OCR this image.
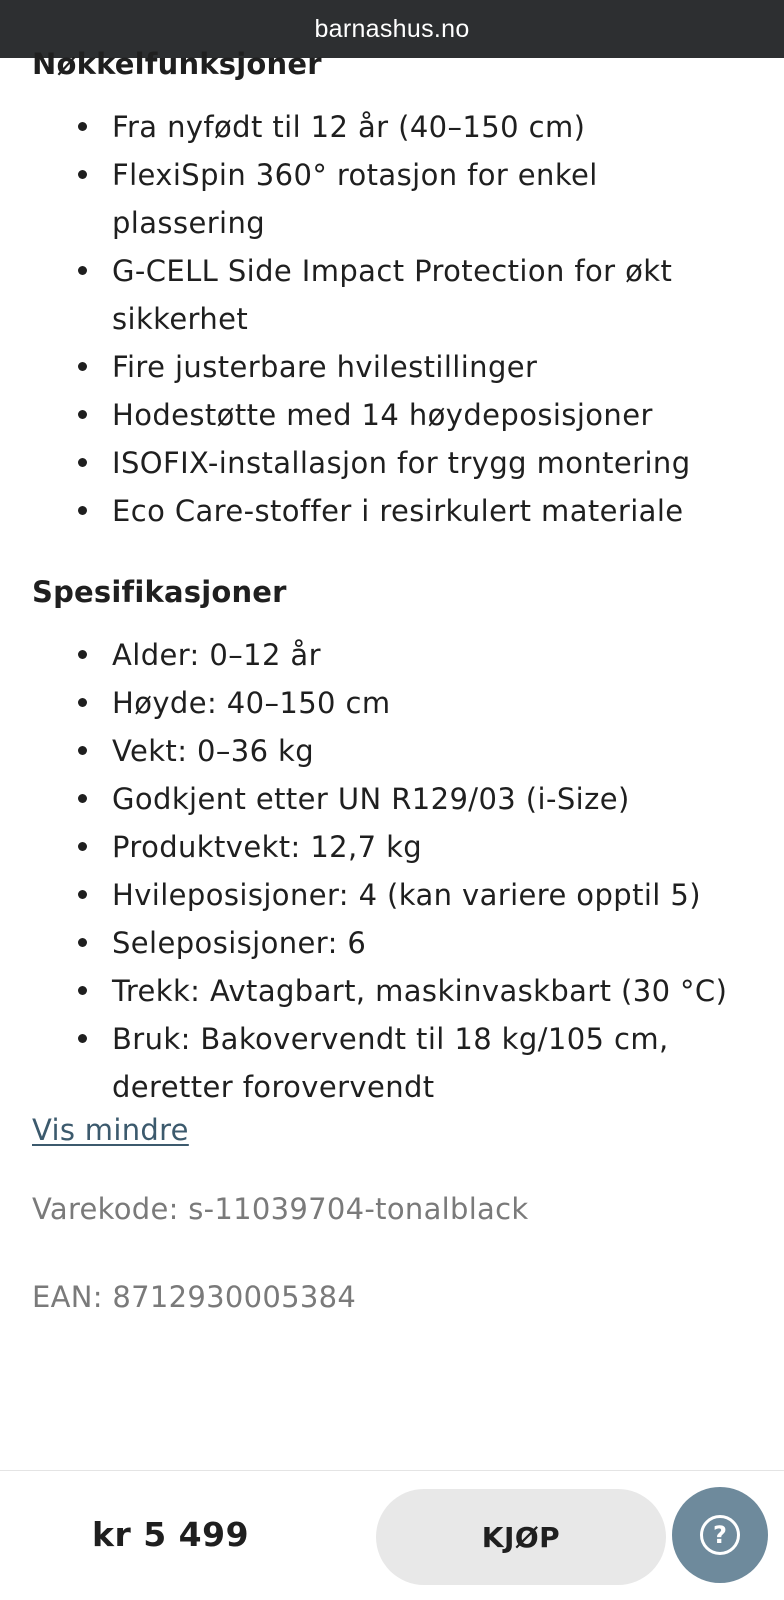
barnashus.no
Nøkkelfunksjoner
Fra nyfødt til 12 år (40–150 cm)
FlexiSpin 360° rotasjon for enkel plassering
G-CELL Side Impact Protection for økt sikkerhet
Fire justerbare hvilestillinger
Hodestøtte med 14 høydeposisjoner
ISOFIX-installasjon for trygg montering
Eco Care-stoffer i resirkulert materiale
Spesifikasjoner
Alder: 0–12 år
Høyde: 40–150 cm
Vekt: 0–36 kg
Godkjent etter UN R129/03 (i-Size)
Produktvekt: 12,7 kg
Hvileposisjoner: 4 (kan variere opptil 5)
Seleposisjoner: 6
Trekk: Avtagbart, maskinvaskbart (30 °C)
Bruk: Bakovervendt til 18 kg/105 cm, deretter forovervendt
Vis mindre
Varekode: s-11039704-tonalblack
EAN: 8712930005384
kr 5 499	KJØP	?
